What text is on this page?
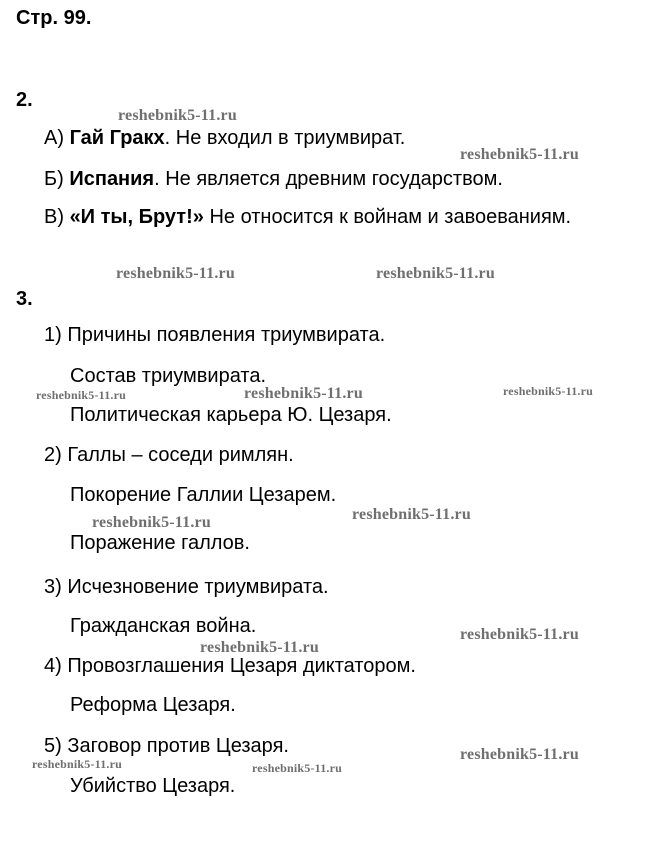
Стр. 99.
2.
А) Гай Гракх. Не входил в триумвират.
Б) Испания. Не является древним государством.
В) «И ты, Брут!» Не относится к войнам и завоеваниям.
3.
1) Причины появления триумвирата.
Состав триумвирата.
Политическая карьера Ю. Цезаря.
2) Галлы – соседи римлян.
Покорение Галлии Цезарем.
Поражение галлов.
3) Исчезновение триумвирата.
Гражданская война.
4) Провозглашения Цезаря диктатором.
Реформа Цезаря.
5) Заговор против Цезаря.
Убийство Цезаря.
reshebnik5-11.ru
reshebnik5-11.ru
reshebnik5-11.ru	reshebnik5-11.ru
reshebnik5-11.ru	reshebnik5-11.ru	reshebnik5-11.ru
reshebnik5-11.ru	reshebnik5-11.ru
reshebnik5-11.ru
reshebnik5-11.ru
reshebnik5-11.ru
reshebnik5-11.ru	reshebnik5-11.ru
